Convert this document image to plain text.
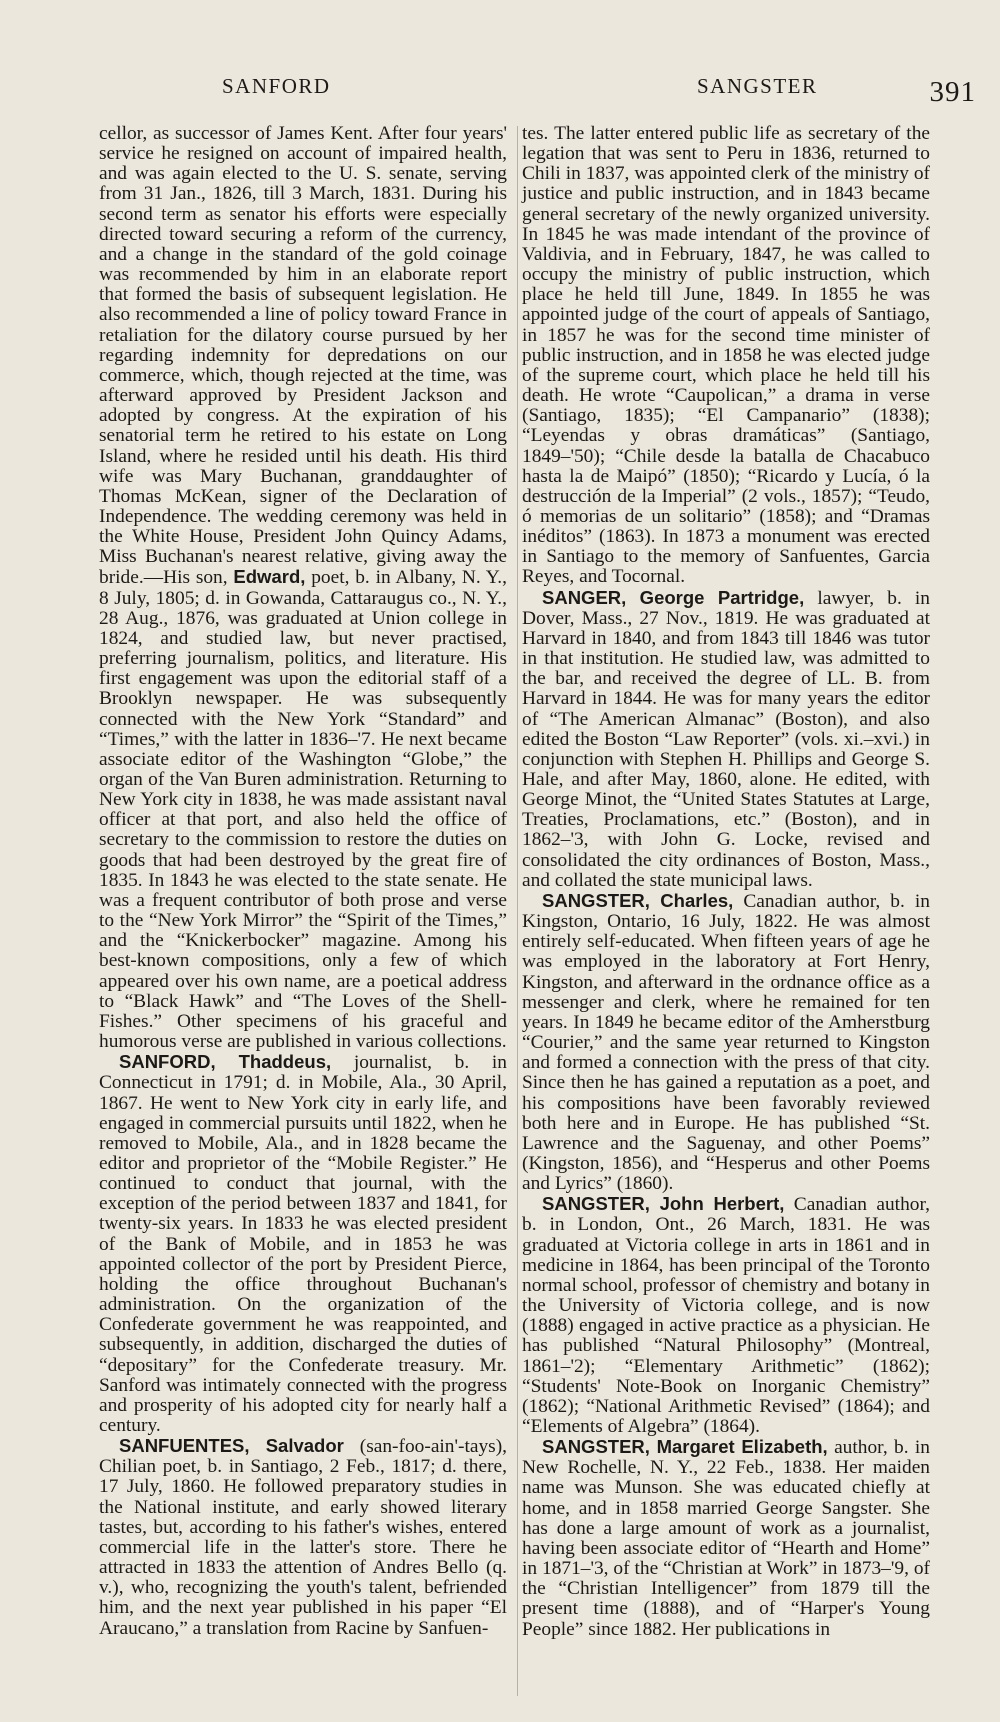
SANFORD	SANGSTER	391

cellor, as successor of James Kent. After four years' service he resigned on account of impaired health, and was again elected to the U. S. senate, serving from 31 Jan., 1826, till 3 March, 1831. During his second term as senator his efforts were especially directed toward securing a reform of the currency, and a change in the standard of the gold coinage was recommended by him in an elaborate report that formed the basis of subsequent legislation. He also recommended a line of policy toward France in retaliation for the dilatory course pursued by her regarding indemnity for depredations on our commerce, which, though rejected at the time, was afterward approved by President Jackson and adopted by congress. At the expiration of his senatorial term he retired to his estate on Long Island, where he resided until his death. His third wife was Mary Buchanan, granddaughter of Thomas McKean, signer of the Declaration of Independence. The wedding ceremony was held in the White House, President John Quincy Adams, Miss Buchanan's nearest relative, giving away the bride.—His son, Edward, poet, b. in Albany, N. Y., 8 July, 1805; d. in Gowanda, Cattaraugus co., N. Y., 28 Aug., 1876, was graduated at Union college in 1824, and studied law, but never practised, preferring journalism, politics, and literature. His first engagement was upon the editorial staff of a Brooklyn newspaper. He was subsequently connected with the New York “Standard” and “Times,” with the latter in 1836–'7. He next became associate editor of the Washington “Globe,” the organ of the Van Buren administration. Returning to New York city in 1838, he was made assistant naval officer at that port, and also held the office of secretary to the commission to restore the duties on goods that had been destroyed by the great fire of 1835. In 1843 he was elected to the state senate. He was a frequent contributor of both prose and verse to the “New York Mirror” the “Spirit of the Times,” and the “Knickerbocker” magazine. Among his best-known compositions, only a few of which appeared over his own name, are a poetical address to “Black Hawk” and “The Loves of the Shell-Fishes.” Other specimens of his graceful and humorous verse are published in various collections.

SANFORD, Thaddeus, journalist, b. in Connecticut in 1791; d. in Mobile, Ala., 30 April, 1867. He went to New York city in early life, and engaged in commercial pursuits until 1822, when he removed to Mobile, Ala., and in 1828 became the editor and proprietor of the “Mobile Register.” He continued to conduct that journal, with the exception of the period between 1837 and 1841, for twenty-six years. In 1833 he was elected president of the Bank of Mobile, and in 1853 he was appointed collector of the port by President Pierce, holding the office throughout Buchanan's administration. On the organization of the Confederate government he was reappointed, and subsequently, in addition, discharged the duties of “depositary” for the Confederate treasury. Mr. Sanford was intimately connected with the progress and prosperity of his adopted city for nearly half a century.

SANFUENTES, Salvador (san-foo-ain'-tays), Chilian poet, b. in Santiago, 2 Feb., 1817; d. there, 17 July, 1860. He followed preparatory studies in the National institute, and early showed literary tastes, but, according to his father's wishes, entered commercial life in the latter's store. There he attracted in 1833 the attention of Andres Bello (q. v.), who, recognizing the youth's talent, befriended him, and the next year published in his paper “El Araucano,” a translation from Racine by Sanfuen-

tes. The latter entered public life as secretary of the legation that was sent to Peru in 1836, returned to Chili in 1837, was appointed clerk of the ministry of justice and public instruction, and in 1843 became general secretary of the newly organized university. In 1845 he was made intendant of the province of Valdivia, and in February, 1847, he was called to occupy the ministry of public instruction, which place he held till June, 1849. In 1855 he was appointed judge of the court of appeals of Santiago, in 1857 he was for the second time minister of public instruction, and in 1858 he was elected judge of the supreme court, which place he held till his death. He wrote “Caupolican,” a drama in verse (Santiago, 1835); “El Campanario” (1838); “Leyendas y obras dramáticas” (Santiago, 1849–'50); “Chile desde la batalla de Chacabuco hasta la de Maipó” (1850); “Ricardo y Lucía, ó la destrucción de la Imperial” (2 vols., 1857); “Teudo, ó memorias de un solitario” (1858); and “Dramas inéditos” (1863). In 1873 a monument was erected in Santiago to the memory of Sanfuentes, Garcia Reyes, and Tocornal.

SANGER, George Partridge, lawyer, b. in Dover, Mass., 27 Nov., 1819. He was graduated at Harvard in 1840, and from 1843 till 1846 was tutor in that institution. He studied law, was admitted to the bar, and received the degree of LL. B. from Harvard in 1844. He was for many years the editor of “The American Almanac” (Boston), and also edited the Boston “Law Reporter” (vols. xi.–xvi.) in conjunction with Stephen H. Phillips and George S. Hale, and after May, 1860, alone. He edited, with George Minot, the “United States Statutes at Large, Treaties, Proclamations, etc.” (Boston), and in 1862–'3, with John G. Locke, revised and consolidated the city ordinances of Boston, Mass., and collated the state municipal laws.

SANGSTER, Charles, Canadian author, b. in Kingston, Ontario, 16 July, 1822. He was almost entirely self-educated. When fifteen years of age he was employed in the laboratory at Fort Henry, Kingston, and afterward in the ordnance office as a messenger and clerk, where he remained for ten years. In 1849 he became editor of the Amherstburg “Courier,” and the same year returned to Kingston and formed a connection with the press of that city. Since then he has gained a reputation as a poet, and his compositions have been favorably reviewed both here and in Europe. He has published “St. Lawrence and the Saguenay, and other Poems” (Kingston, 1856), and “Hesperus and other Poems and Lyrics” (1860).

SANGSTER, John Herbert, Canadian author, b. in London, Ont., 26 March, 1831. He was graduated at Victoria college in arts in 1861 and in medicine in 1864, has been principal of the Toronto normal school, professor of chemistry and botany in the University of Victoria college, and is now (1888) engaged in active practice as a physician. He has published “Natural Philosophy” (Montreal, 1861–'2); “Elementary Arithmetic” (1862); “Students' Note-Book on Inorganic Chemistry” (1862); “National Arithmetic Revised” (1864); and “Elements of Algebra” (1864).

SANGSTER, Margaret Elizabeth, author, b. in New Rochelle, N. Y., 22 Feb., 1838. Her maiden name was Munson. She was educated chiefly at home, and in 1858 married George Sangster. She has done a large amount of work as a journalist, having been associate editor of “Hearth and Home” in 1871–'3, of the “Christian at Work” in 1873–'9, of the “Christian Intelligencer” from 1879 till the present time (1888), and of “Harper's Young People” since 1882. Her publications in
